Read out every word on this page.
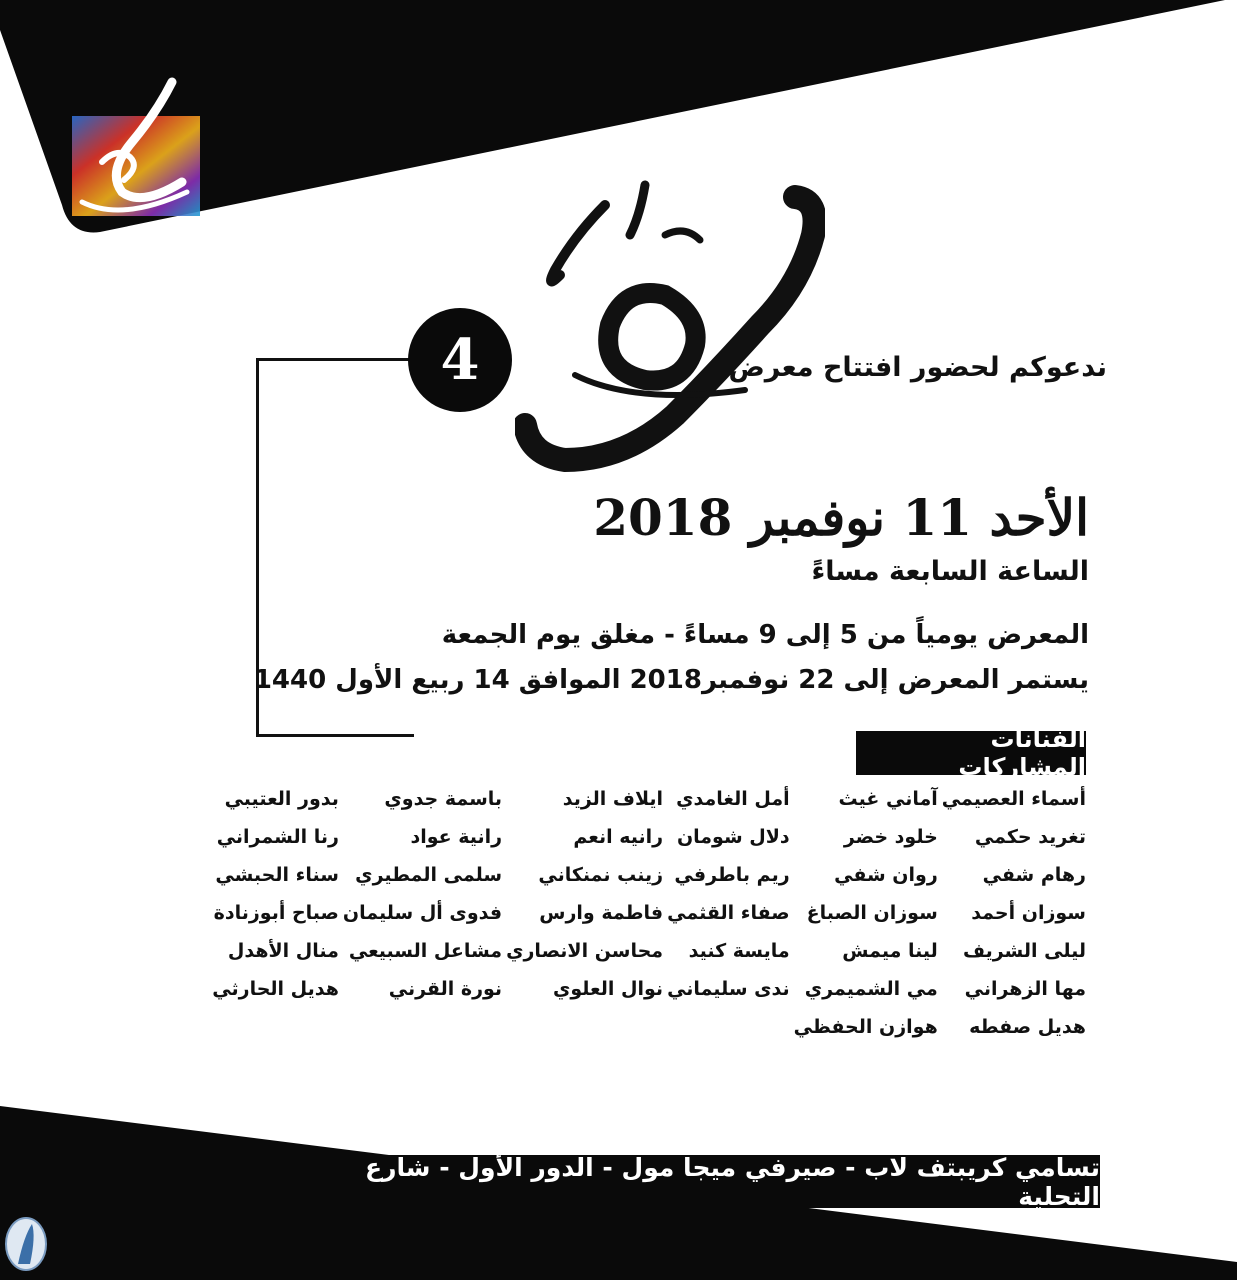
4	ندعوكم لحضور افتتاح معرض
الأحد 11 نوفمبر 2018
الساعة السابعة مساءً
المعرض يومياً من 5 إلى 9 مساءً - مغلق يوم الجمعة
يستمر المعرض إلى 22 نوفمبر2018 الموافق 14 ربيع الأول 1440
الفنانات المشاركات
أسماء العصيمي
آماني غيث
أمل الغامدي
ايلاف الزيد
باسمة جدوي
بدور العتيبي
تغريد حكمي
خلود خضر
دلال شومان
رانيه انعم
رانية عواد
رنا الشمراني
رهام شفي
روان شفي
ريم باطرفي
زينب نمنكاني
سلمى المطيري
سناء الحبشي
سوزان أحمد
سوزان الصباغ
صفاء القثمي
فاطمة وارس
فدوى أل سليمان
صباح أبوزنادة
ليلى الشريف
لينا ميمش
مايسة كنيد
محاسن الانصاري
مشاعل السبيعي
منال الأهدل
مها الزهراني
مي الشميمري
ندى سليماني
نوال العلوي
نورة القرني
هديل الحارثي
هديل صفطه
هوازن الحفظي
تسامي كريبتف لاب - صيرفي ميجا مول - الدور الأول - شارع التحلية
